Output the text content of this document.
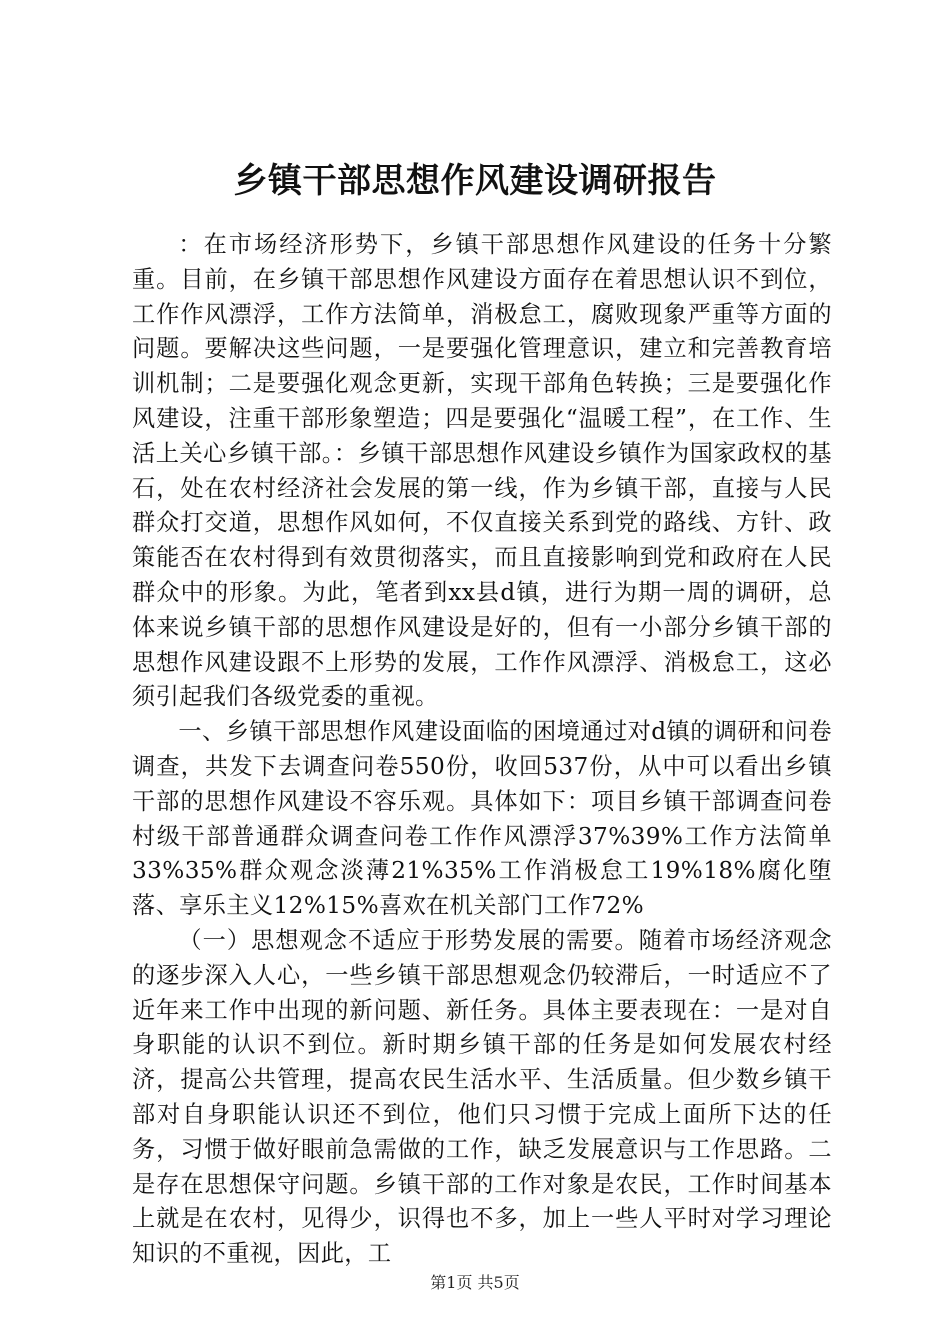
乡镇干部思想作风建设调研报告

：在市场经济形势下，乡镇干部思想作风建设的任务十分繁重。目前，在乡镇干部思想作风建设方面存在着思想认识不到位，工作作风漂浮，工作方法简单，消极怠工，腐败现象严重等方面的问题。要解决这些问题，一是要强化管理意识，建立和完善教育培训机制；二是要强化观念更新，实现干部角色转换；三是要强化作风建设，注重干部形象塑造；四是要强化“温暖工程”，在工作、生活上关心乡镇干部。：乡镇干部思想作风建设乡镇作为国家政权的基石，处在农村经济社会发展的第一线，作为乡镇干部，直接与人民群众打交道，思想作风如何，不仅直接关系到党的路线、方针、政策能否在农村得到有效贯彻落实，而且直接影响到党和政府在人民群众中的形象。为此，笔者到xx县d镇，进行为期一周的调研，总体来说乡镇干部的思想作风建设是好的，但有一小部分乡镇干部的思想作风建设跟不上形势的发展，工作作风漂浮、消极怠工，这必须引起我们各级党委的重视。

一、乡镇干部思想作风建设面临的困境通过对d镇的调研和问卷调查，共发下去调查问卷550份，收回537份，从中可以看出乡镇干部的思想作风建设不容乐观。具体如下：项目乡镇干部调查问卷村级干部普通群众调查问卷工作作风漂浮37%39%工作方法简单33%35%群众观念淡薄21%35%工作消极怠工19%18%腐化堕落、享乐主义12%15%喜欢在机关部门工作72%

（一）思想观念不适应于形势发展的需要。随着市场经济观念的逐步深入人心，一些乡镇干部思想观念仍较滞后，一时适应不了近年来工作中出现的新问题、新任务。具体主要表现在：一是对自身职能的认识不到位。新时期乡镇干部的任务是如何发展农村经济，提高公共管理，提高农民生活水平、生活质量。但少数乡镇干部对自身职能认识还不到位，他们只习惯于完成上面所下达的任务，习惯于做好眼前急需做的工作，缺乏发展意识与工作思路。二是存在思想保守问题。乡镇干部的工作对象是农民，工作时间基本上就是在农村，见得少，识得也不多，加上一些人平时对学习理论知识的不重视，因此，工

第1页 共5页
